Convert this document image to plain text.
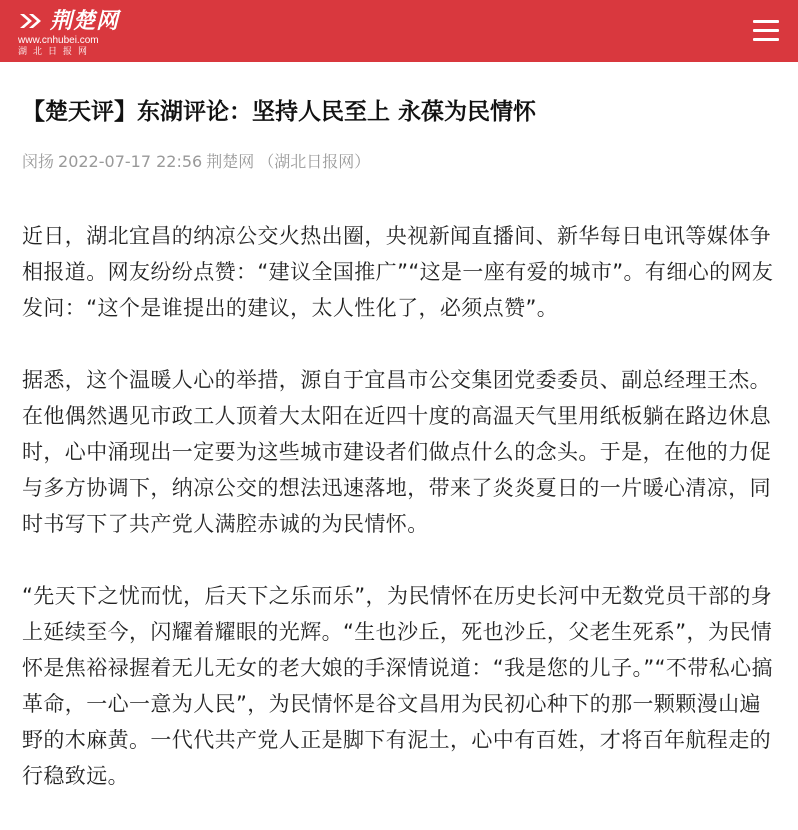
荆楚网
www.cnhubei.com
湖北日报网
【楚天评】东湖评论：坚持人民至上 永葆为民情怀
闵扬 2022-07-17 22:56 荆楚网 （湖北日报网）

近日，湖北宜昌的纳凉公交火热出圈，央视新闻直播间、新华每日电讯等媒体争相报道。网友纷纷点赞：“建议全国推广”“这是一座有爱的城市”。有细心的网友发问：“这个是谁提出的建议，太人性化了，必须点赞”。

据悉，这个温暖人心的举措，源自于宜昌市公交集团党委委员、副总经理王杰。在他偶然遇见市政工人顶着大太阳在近四十度的高温天气里用纸板躺在路边休息时，心中涌现出一定要为这些城市建设者们做点什么的念头。于是，在他的力促与多方协调下，纳凉公交的想法迅速落地，带来了炎炎夏日的一片暖心清凉，同时书写下了共产党人满腔赤诚的为民情怀。

“先天下之忧而忧，后天下之乐而乐”，为民情怀在历史长河中无数党员干部的身上延续至今，闪耀着耀眼的光辉。“生也沙丘，死也沙丘，父老生死系”，为民情怀是焦裕禄握着无儿无女的老大娘的手深情说道：“我是您的儿子。”“不带私心搞革命，一心一意为人民”，为民情怀是谷文昌用为民初心种下的那一颗颗漫山遍野的木麻黄。一代代共产党人正是脚下有泥土，心中有百姓，才将百年航程走的行稳致远。
